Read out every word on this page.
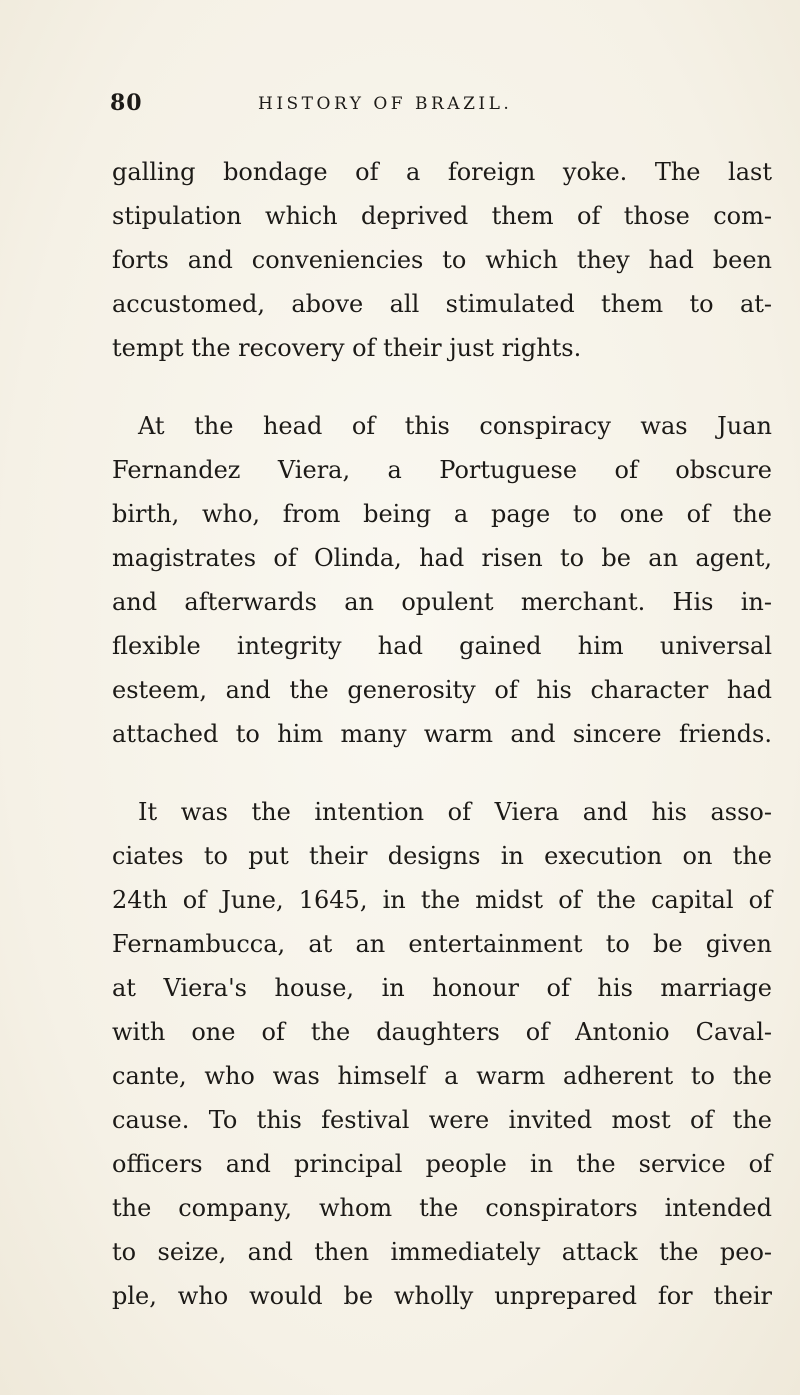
80	HISTORY OF BRAZIL.

galling bondage of a foreign yoke. The last
stipulation which deprived them of those com-
forts and conveniencies to which they had been
accustomed, above all stimulated them to at-
tempt the recovery of their just rights.

At the head of this conspiracy was Juan
Fernandez Viera, a Portuguese of obscure
birth, who, from being a page to one of the
magistrates of Olinda, had risen to be an agent,
and afterwards an opulent merchant. His in-
flexible integrity had gained him universal
esteem, and the generosity of his character had
attached to him many warm and sincere friends.

It was the intention of Viera and his asso-
ciates to put their designs in execution on the
24th of June, 1645, in the midst of the capital of
Fernambucca, at an entertainment to be given
at Viera's house, in honour of his marriage
with one of the daughters of Antonio Caval-
cante, who was himself a warm adherent to the
cause. To this festival were invited most of the
officers and principal people in the service of
the company, whom the conspirators intended
to seize, and then immediately attack the peo-
ple, who would be wholly unprepared for their
